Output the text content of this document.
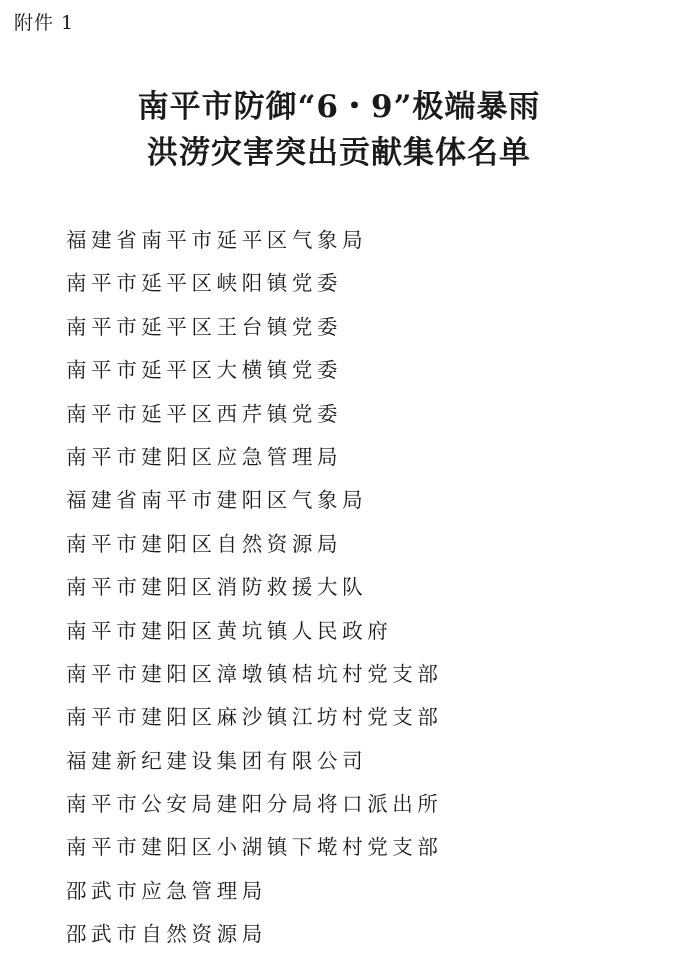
附件 1
南平市防御“6・9”极端暴雨
洪涝灾害突出贡献集体名单
福建省南平市延平区气象局
南平市延平区峡阳镇党委
南平市延平区王台镇党委
南平市延平区大横镇党委
南平市延平区西芹镇党委
南平市建阳区应急管理局
福建省南平市建阳区气象局
南平市建阳区自然资源局
南平市建阳区消防救援大队
南平市建阳区黄坑镇人民政府
南平市建阳区漳墩镇桔坑村党支部
南平市建阳区麻沙镇江坊村党支部
福建新纪建设集团有限公司
南平市公安局建阳分局将口派出所
南平市建阳区小湖镇下墘村党支部
邵武市应急管理局
邵武市自然资源局
